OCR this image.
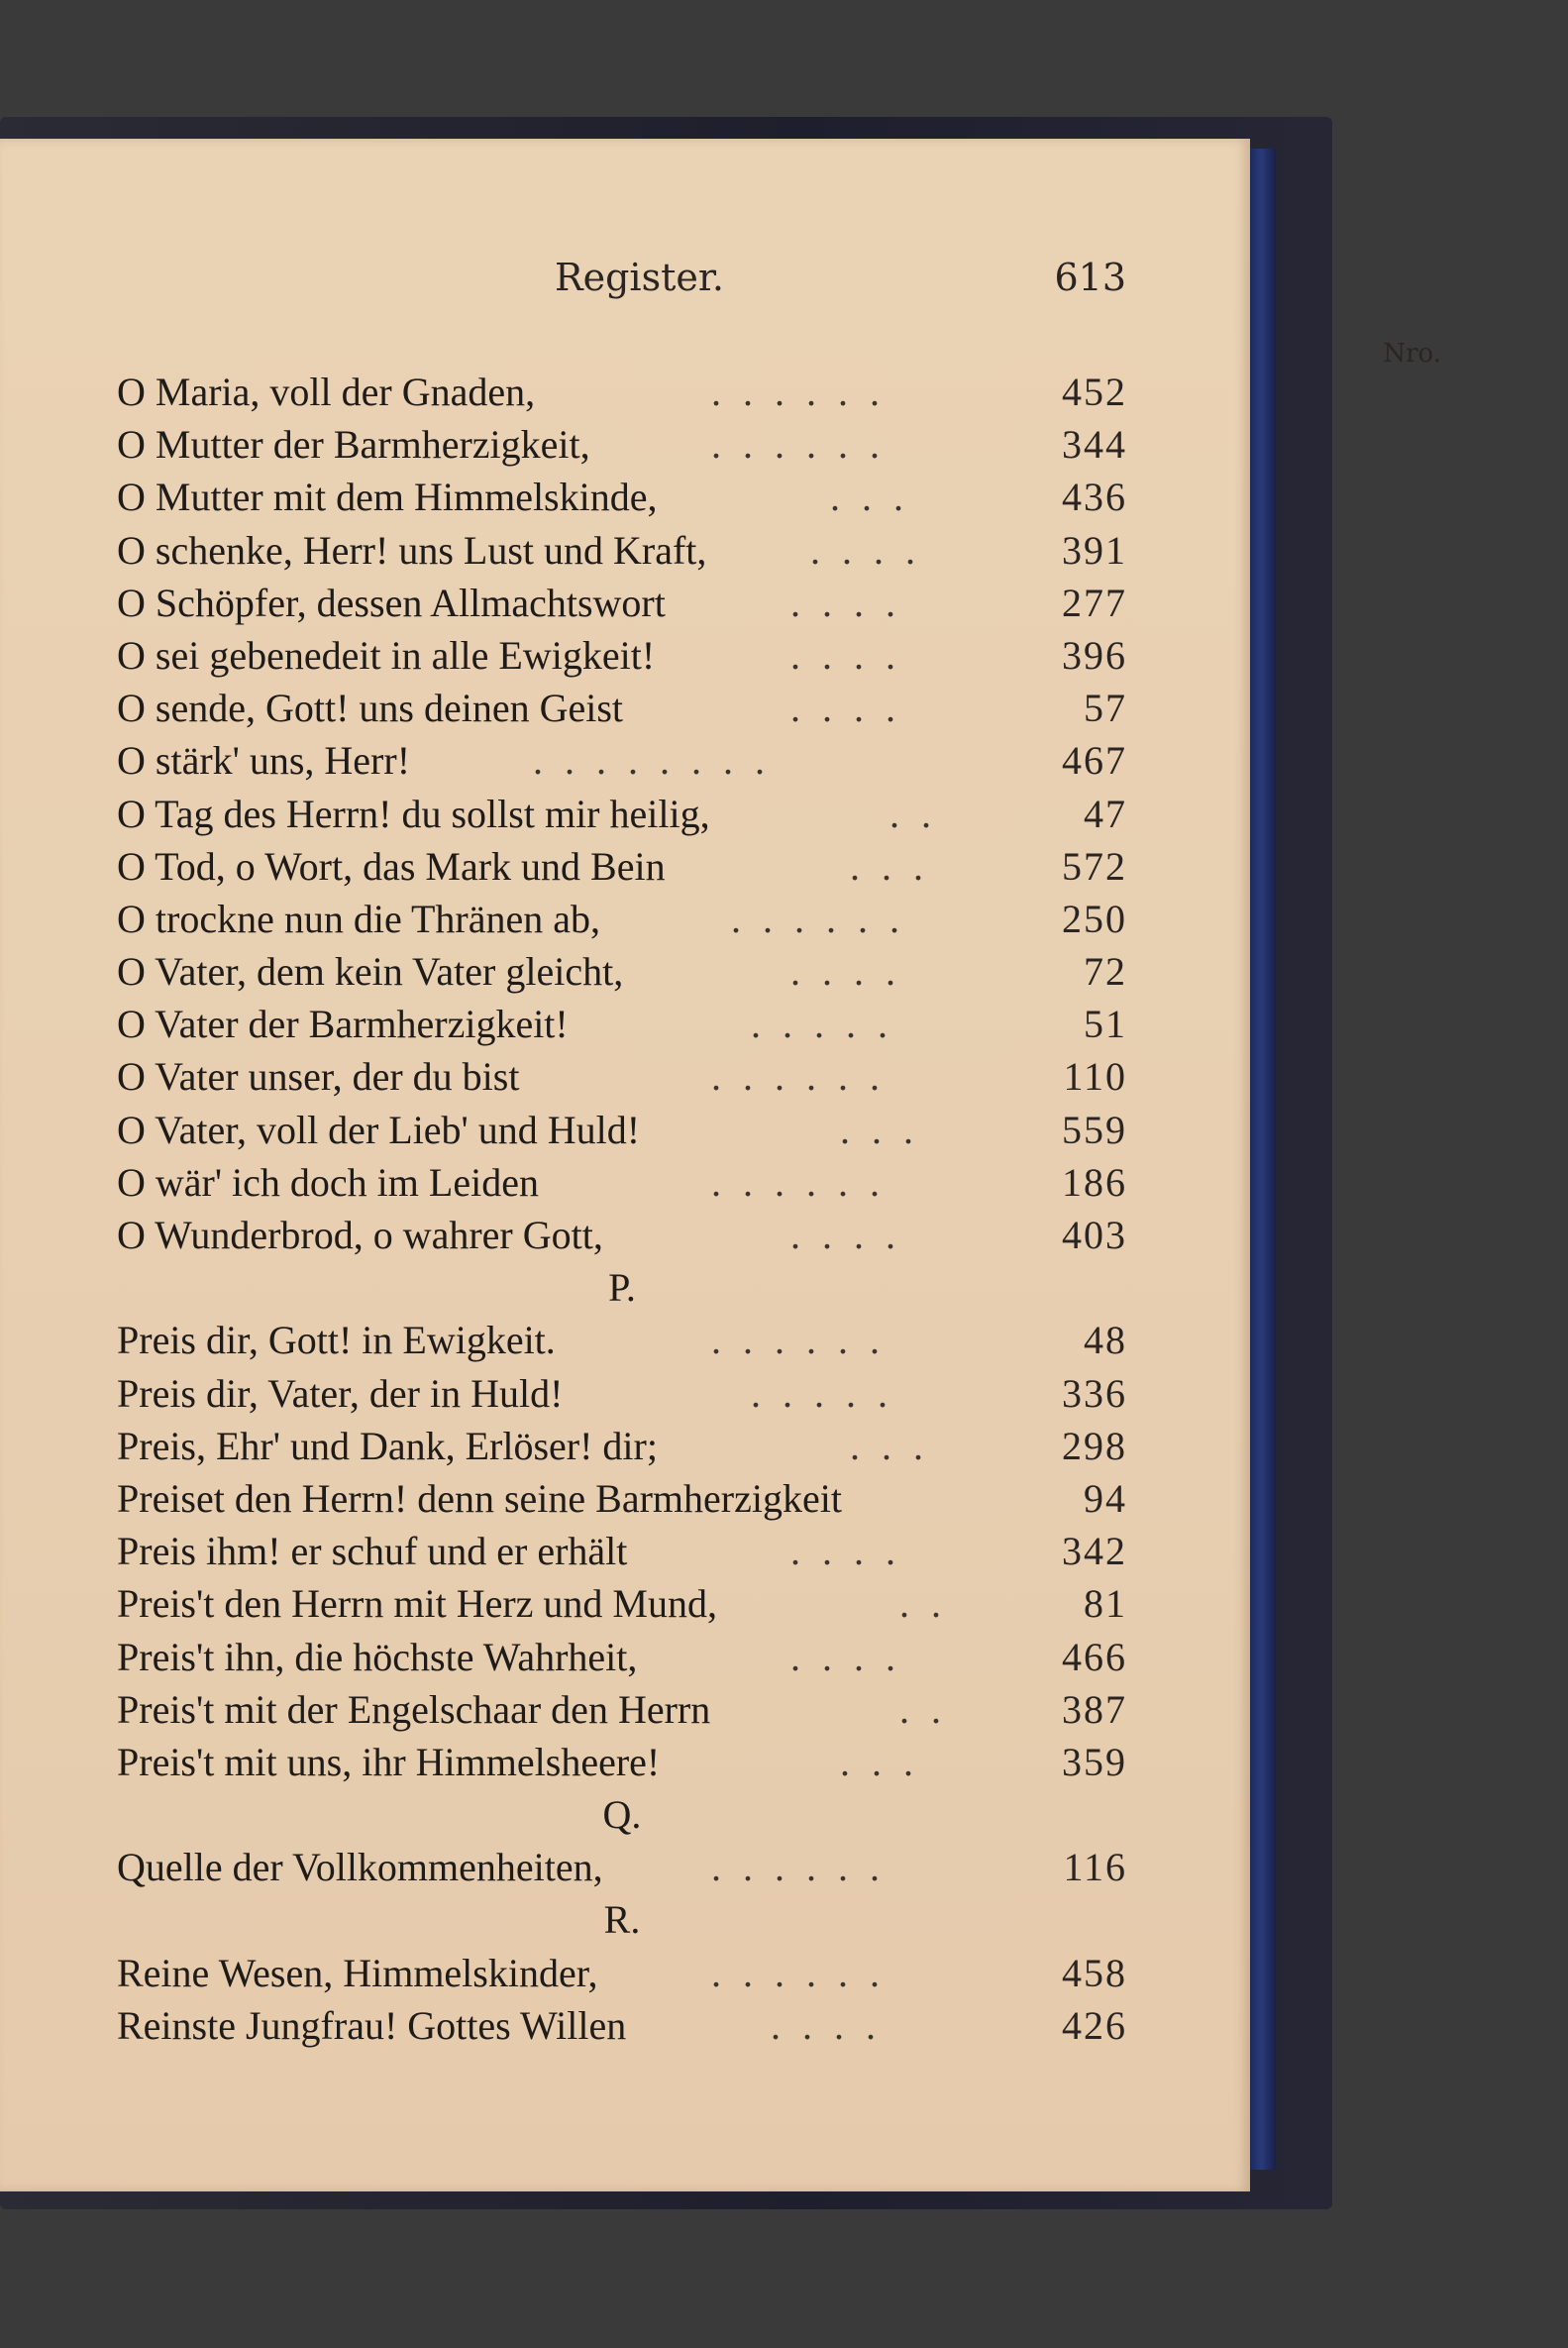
Register.	613
Nro.
O Maria, voll der Gnaden,	......	452
O Mutter der Barmherzigkeit,	......	344
O Mutter mit dem Himmelskinde,	...	436
O schenke, Herr! uns Lust und Kraft,	....	391
O Schöpfer, dessen Allmachtswort	....	277
O sei gebenedeit in alle Ewigkeit!	....	396
O sende, Gott! uns deinen Geist	....	57
O stärk' uns, Herr!	........	467
O Tag des Herrn! du sollst mir heilig,	..	47
O Tod, o Wort, das Mark und Bein	...	572
O trockne nun die Thränen ab,	......	250
O Vater, dem kein Vater gleicht,	....	72
O Vater der Barmherzigkeit!	.....	51
O Vater unser, der du bist	......	110
O Vater, voll der Lieb' und Huld!	...	559
O wär' ich doch im Leiden	......	186
O Wunderbrod, o wahrer Gott,	....	403
P.
Preis dir, Gott! in Ewigkeit.	......	48
Preis dir, Vater, der in Huld!	.....	336
Preis, Ehr' und Dank, Erlöser! dir;	...	298
Preiset den Herrn! denn seine Barmherzigkeit	94
Preis ihm! er schuf und er erhält	....	342
Preis't den Herrn mit Herz und Mund,	..	81
Preis't ihn, die höchste Wahrheit,	....	466
Preis't mit der Engelschaar den Herrn	..	387
Preis't mit uns, ihr Himmelsheere!	...	359
Q.
Quelle der Vollkommenheiten,	......	116
R.
Reine Wesen, Himmelskinder,	......	458
Reinste Jungfrau! Gottes Willen	....	426
